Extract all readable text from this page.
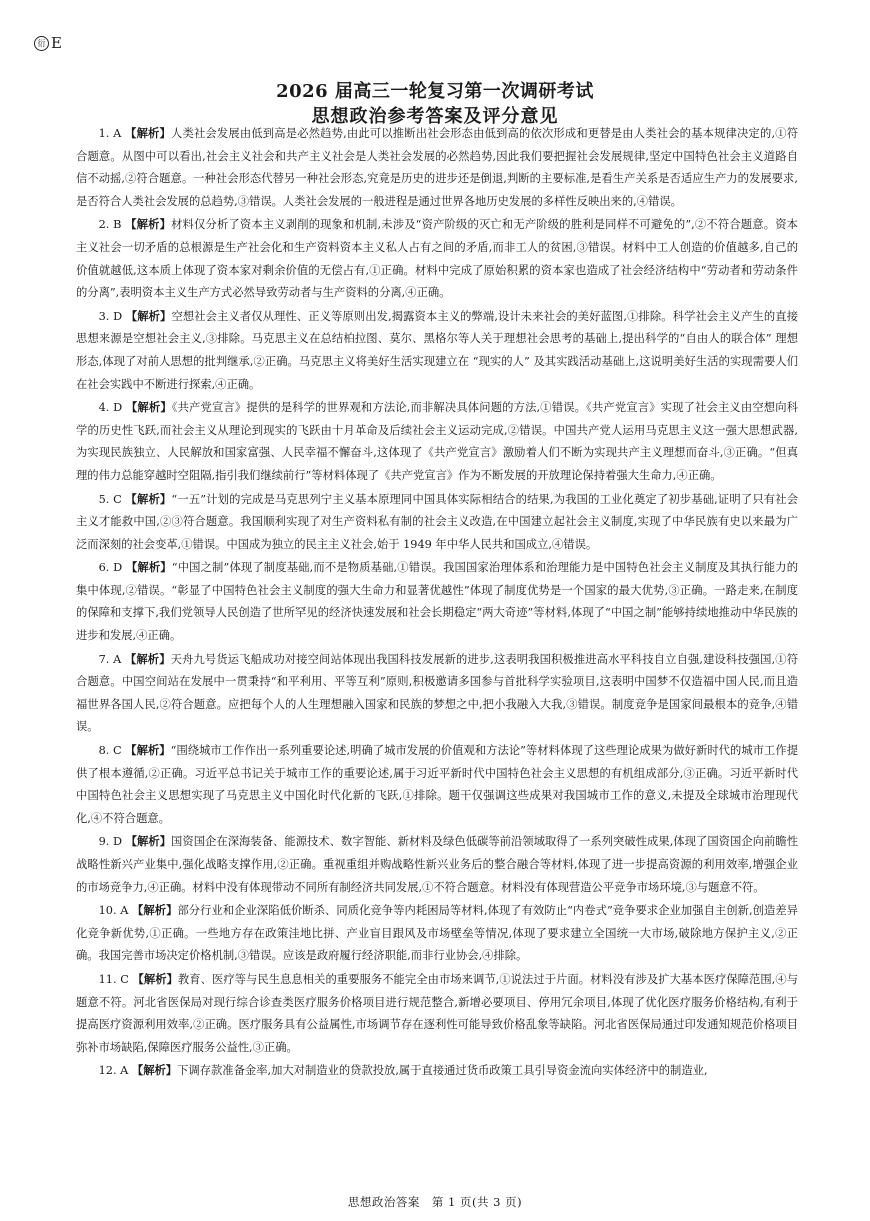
衍 E
2026 届高三一轮复习第一次调研考试
思想政治参考答案及评分意见

1. A 【解析】人类社会发展由低到高是必然趋势,由此可以推断出社会形态由低到高的依次形成和更替是由人类社会的基本规律决定的,①符合题意。从图中可以看出,社会主义社会和共产主义社会是人类社会发展的必然趋势,因此我们要把握社会发展规律,坚定中国特色社会主义道路自信不动摇,②符合题意。一种社会形态代替另一种社会形态,究竟是历史的进步还是倒退,判断的主要标准,是看生产关系是否适应生产力的发展要求,是否符合人类社会发展的总趋势,③错误。人类社会发展的一般进程是通过世界各地历史发展的多样性反映出来的,④错误。

2. B 【解析】材料仅分析了资本主义剥削的现象和机制,未涉及“资产阶级的灭亡和无产阶级的胜利是同样不可避免的”,②不符合题意。资本主义社会一切矛盾的总根源是生产社会化和生产资料资本主义私人占有之间的矛盾,而非工人的贫困,③错误。材料中工人创造的价值越多,自己的价值就越低,这本质上体现了资本家对剩余价值的无偿占有,①正确。材料中完成了原始积累的资本家也造成了社会经济结构中“劳动者和劳动条件的分离”,表明资本主义生产方式必然导致劳动者与生产资料的分离,④正确。

3. D 【解析】空想社会主义者仅从理性、正义等原则出发,揭露资本主义的弊端,设计未来社会的美好蓝图,①排除。科学社会主义产生的直接思想来源是空想社会主义,③排除。马克思主义在总结柏拉图、莫尔、黑格尔等人关于理想社会思考的基础上,提出科学的“自由人的联合体” 理想形态,体现了对前人思想的批判继承,②正确。马克思主义将美好生活实现建立在 “现实的人” 及其实践活动基础上,这说明美好生活的实现需要人们在社会实践中不断进行探索,④正确。

4. D 【解析】《共产党宣言》提供的是科学的世界观和方法论,而非解决具体问题的方法,①错误。《共产党宣言》实现了社会主义由空想向科学的历史性飞跃,而社会主义从理论到现实的飞跃由十月革命及后续社会主义运动完成,②错误。中国共产党人运用马克思主义这一强大思想武器,为实现民族独立、人民解放和国家富强、人民幸福不懈奋斗,这体现了《共产党宣言》激励着人们不断为实现共产主义理想而奋斗,③正确。“但真理的伟力总能穿越时空阻隔,指引我们继续前行”等材料体现了《共产党宣言》作为不断发展的开放理论保持着强大生命力,④正确。

5. C 【解析】“一五”计划的完成是马克思列宁主义基本原理同中国具体实际相结合的结果,为我国的工业化奠定了初步基础,证明了只有社会主义才能救中国,②③符合题意。我国顺利实现了对生产资料私有制的社会主义改造,在中国建立起社会主义制度,实现了中华民族有史以来最为广泛而深刻的社会变革,①错误。中国成为独立的民主主义社会,始于 1949 年中华人民共和国成立,④错误。

6. D 【解析】“中国之制”体现了制度基础,而不是物质基础,①错误。我国国家治理体系和治理能力是中国特色社会主义制度及其执行能力的集中体现,②错误。“彰显了中国特色社会主义制度的强大生命力和显著优越性”体现了制度优势是一个国家的最大优势,③正确。一路走来,在制度的保障和支撑下,我们党领导人民创造了世所罕见的经济快速发展和社会长期稳定“两大奇迹”等材料,体现了“中国之制”能够持续地推动中华民族的进步和发展,④正确。

7. A 【解析】天舟九号货运飞船成功对接空间站体现出我国科技发展新的进步,这表明我国积极推进高水平科技自立自强,建设科技强国,①符合题意。中国空间站在发展中一贯秉持“和平利用、平等互利”原则,积极邀请多国参与首批科学实验项目,这表明中国梦不仅造福中国人民,而且造福世界各国人民,②符合题意。应把每个人的人生理想融入国家和民族的梦想之中,把小我融入大我,③错误。制度竞争是国家间最根本的竞争,④错误。

8. C 【解析】“围绕城市工作作出一系列重要论述,明确了城市发展的价值观和方法论”等材料体现了这些理论成果为做好新时代的城市工作提供了根本遵循,②正确。习近平总书记关于城市工作的重要论述,属于习近平新时代中国特色社会主义思想的有机组成部分,③正确。习近平新时代中国特色社会主义思想实现了马克思主义中国化时代化新的飞跃,①排除。题干仅强调这些成果对我国城市工作的意义,未提及全球城市治理现代化,④不符合题意。

9. D 【解析】国资国企在深海装备、能源技术、数字智能、新材料及绿色低碳等前沿领域取得了一系列突破性成果,体现了国资国企向前瞻性战略性新兴产业集中,强化战略支撑作用,②正确。重视重组并购战略性新兴业务后的整合融合等材料,体现了进一步提高资源的利用效率,增强企业的市场竞争力,④正确。材料中没有体现带动不同所有制经济共同发展,①不符合题意。材料没有体现营造公平竞争市场环境,③与题意不符。

10. A 【解析】部分行业和企业深陷低价断杀、同质化竞争等内耗困局等材料,体现了有效防止“内卷式”竞争要求企业加强自主创新,创造差异化竞争新优势,①正确。一些地方存在政策洼地比拼、产业盲目跟风及市场壁垒等情况,体现了要求建立全国统一大市场,破除地方保护主义,②正确。我国完善市场决定价格机制,③错误。应该是政府履行经济职能,而非行业协会,④排除。

11. C 【解析】教育、医疗等与民生息息相关的重要服务不能完全由市场来调节,①说法过于片面。材料没有涉及扩大基本医疗保障范围,④与题意不符。河北省医保局对现行综合诊查类医疗服务价格项目进行规范整合,新增必要项目、停用冗余项目,体现了优化医疗服务价格结构,有利于提高医疗资源利用效率,②正确。医疗服务具有公益属性,市场调节存在逐利性可能导致价格乱象等缺陷。河北省医保局通过印发通知规范价格项目弥补市场缺陷,保障医疗服务公益性,③正确。

12. A 【解析】下调存款准备金率,加大对制造业的贷款投放,属于直接通过货币政策工具引导资金流向实体经济中的制造业,

思想政治答案　第 1 页(共 3 页)
